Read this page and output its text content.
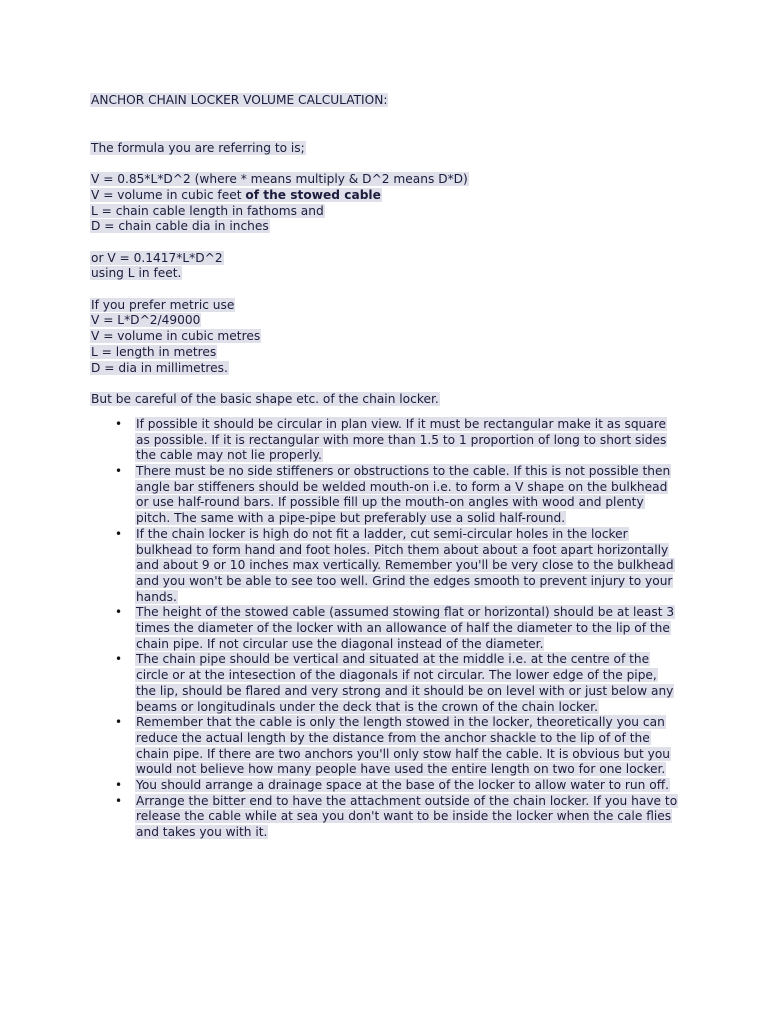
ANCHOR CHAIN LOCKER VOLUME CALCULATION:

The formula you are referring to is;

V = 0.85*L*D^2 (where * means multiply & D^2 means D*D)
V = volume in cubic feet of the stowed cable
L = chain cable length in fathoms and
D = chain cable dia in inches
or V = 0.1417*L*D^2
using L in feet.
If you prefer metric use
V = L*D^2/49000
V = volume in cubic metres
L = length in metres
D = dia in millimetres.

But be careful of the basic shape etc. of the chain locker.

• If possible it should be circular in plan view. If it must be rectangular make it as square as possible. If it is rectangular with more than 1.5 to 1 proportion of long to short sides the cable may not lie properly.
• There must be no side stiffeners or obstructions to the cable. If this is not possible then angle bar stiffeners should be welded mouth-on i.e. to form a V shape on the bulkhead or use half-round bars. If possible fill up the mouth-on angles with wood and plenty pitch. The same with a pipe-pipe but preferably use a solid half-round.
• If the chain locker is high do not fit a ladder, cut semi-circular holes in the locker bulkhead to form hand and foot holes. Pitch them about about a foot apart horizontally and about 9 or 10 inches max vertically. Remember you'll be very close to the bulkhead and you won't be able to see too well. Grind the edges smooth to prevent injury to your hands.
• The height of the stowed cable (assumed stowing flat or horizontal) should be at least 3 times the diameter of the locker with an allowance of half the diameter to the lip of the chain pipe. If not circular use the diagonal instead of the diameter.
• The chain pipe should be vertical and situated at the middle i.e. at the centre of the circle or at the intesection of the diagonals if not circular. The lower edge of the pipe, the lip, should be flared and very strong and it should be on level with or just below any beams or longitudinals under the deck that is the crown of the chain locker.
• Remember that the cable is only the length stowed in the locker, theoretically you can reduce the actual length by the distance from the anchor shackle to the lip of of the chain pipe. If there are two anchors you'll only stow half the cable. It is obvious but you would not believe how many people have used the entire length on two for one locker.
• You should arrange a drainage space at the base of the locker to allow water to run off.
• Arrange the bitter end to have the attachment outside of the chain locker. If you have to release the cable while at sea you don't want to be inside the locker when the cale flies and takes you with it.
